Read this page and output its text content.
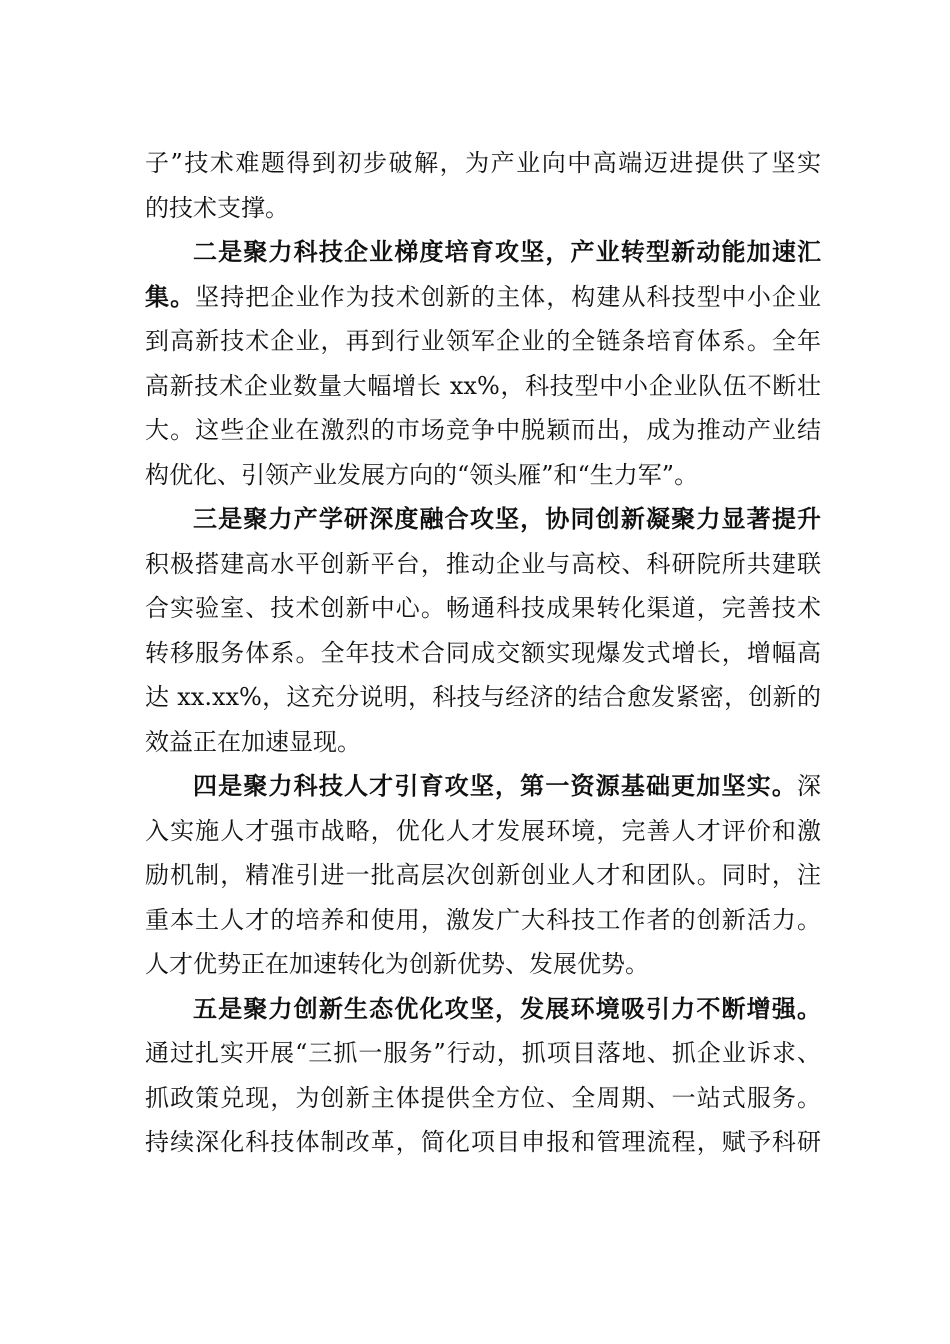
子”技术难题得到初步破解，为产业向中高端迈进提供了坚实
的技术支撑。
二是聚力科技企业梯度培育攻坚，产业转型新动能加速汇
集。坚持把企业作为技术创新的主体，构建从科技型中小企业
到高新技术企业，再到行业领军企业的全链条培育体系。全年
高新技术企业数量大幅增长 xx%，科技型中小企业队伍不断壮
大。这些企业在激烈的市场竞争中脱颖而出，成为推动产业结
构优化、引领产业发展方向的“领头雁”和“生力军”。
三是聚力产学研深度融合攻坚，协同创新凝聚力显著提升
积极搭建高水平创新平台，推动企业与高校、科研院所共建联
合实验室、技术创新中心。畅通科技成果转化渠道，完善技术
转移服务体系。全年技术合同成交额实现爆发式增长，增幅高
达 xx.xx%，这充分说明，科技与经济的结合愈发紧密，创新的
效益正在加速显现。
四是聚力科技人才引育攻坚，第一资源基础更加坚实。深
入实施人才强市战略，优化人才发展环境，完善人才评价和激
励机制，精准引进一批高层次创新创业人才和团队。同时，注
重本土人才的培养和使用，激发广大科技工作者的创新活力。
人才优势正在加速转化为创新优势、发展优势。
五是聚力创新生态优化攻坚，发展环境吸引力不断增强。
通过扎实开展“三抓一服务”行动，抓项目落地、抓企业诉求、
抓政策兑现，为创新主体提供全方位、全周期、一站式服务。
持续深化科技体制改革，简化项目申报和管理流程，赋予科研
